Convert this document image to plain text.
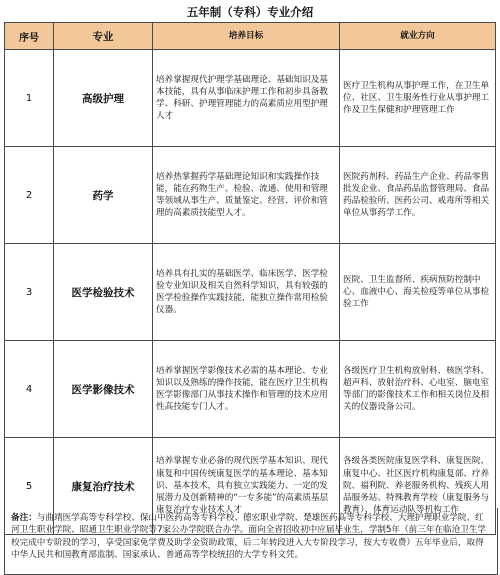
五年制（专科）专业介绍
序号	专业	培养目标	就业方向
1	高级护理	培养掌握现代护理学基础理论、基础知识及基本技能，具有从事临床护理工作和初步具备教学、科研、护理管理能力的高素质应用型护理人才	医疗卫生机构从事护理工作，在卫生单位、社区、卫生服务性行业从事护理工作及卫生保健和护理管理工作
2	药学	培养热掌握药学基础理论知识和实践操作技能，能在药物生产、检验、流通、使用和管理等领域从事生产、质量鉴定、经营、评价和管理的高素质技能型人才。	医院药剂科、药品生产企业、药品零售批发企业、食品药品监督管理局、食品药品检验所、医药公司、戒毒所等相关单位从事药学工作。
3	医学检验技术	培养具有扎实的基础医学、临床医学、医学检验专业知识及相关自然科学知识，具有较强的医学检验操作实践技能，能独立操作常用检验仪器。	医院、卫生监督所、疾病预防控制中心、血液中心、海关检疫等单位从事检验工作
4	医学影像技术	培养掌握医学影像技术必需的基本理论、专业知识以及熟练的操作技能，能在医疗卫生机构医学影像部门从事技术操作和管理的技术应用性高技能专门人才。	各级医疗卫生机构放射科、核医学科、超声科、放射治疗科、心电室、脑电室等部门的影像技术工作和相关岗位及相关的仪器设备公司。
5	康复治疗技术	培养掌握专业必备的现代医学基本知识、现代康复和中国传统康复医学的基本理论、基本知识、基本技术，具有独立实践能力、一定的发展潜力及创新精神的“一专多能”的高素质基层康复治疗专业技术人才	各级各类医院康复医学科、康复医院、康复中心、社区医疗机构康复部、疗养院、福利院、养老服务机构、残疾人用品服务站、特殊教育学校（康复服务与教育）、体育运动队等机构工作
备注：与曲靖医学高等专科学校、保山中医药高等专科学校、德宏职业学院、楚雄医药高等专科学校、大理护理职业学院、红河卫生职业学院、昭通卫生职业学院等7家公办学院联合办学。面向全省招收初中应届毕业生，学制5年（前三年在临沧卫生学校完成中专阶段的学习，享受国家免学费及助学金资助政策，后二年转段进入大专阶段学习，按大专收费）五年毕业后，取得中华人民共和国教育部监制、国家承认、普通高等学校统招的大学专科文凭。
